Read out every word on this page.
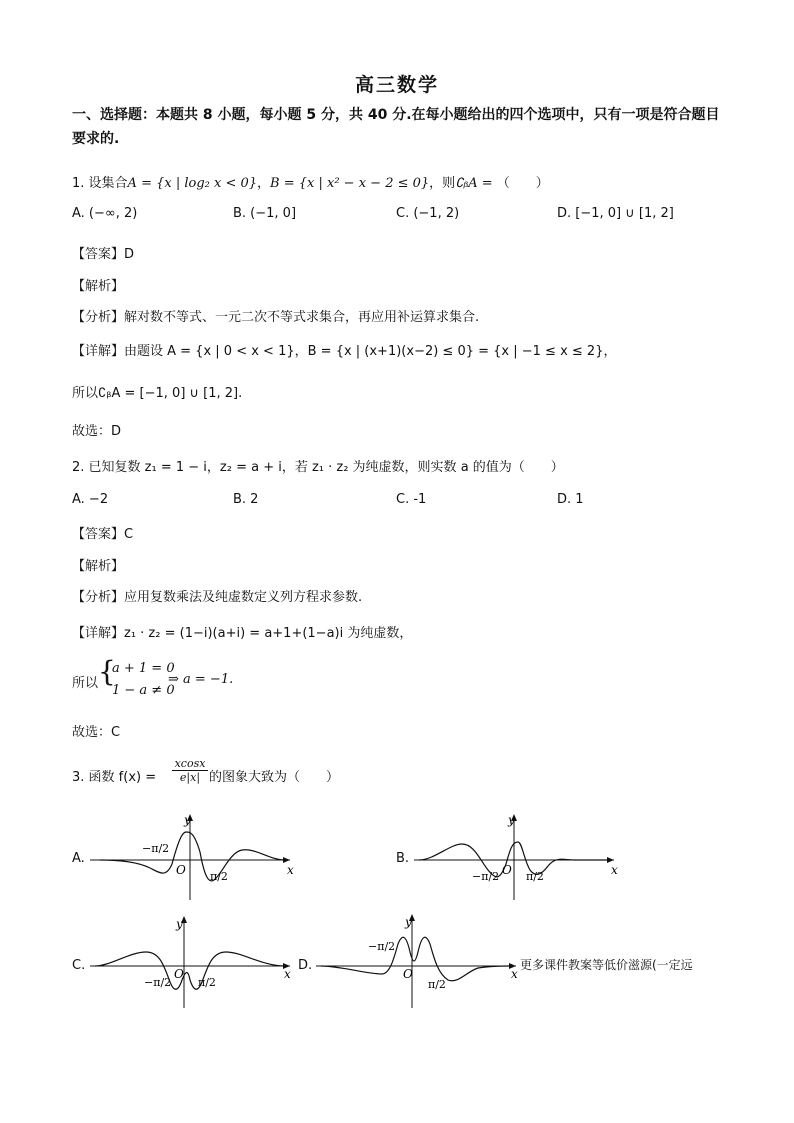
高三数学
一、选择题：本题共 8 小题，每小题 5 分，共 40 分.在每小题给出的四个选项中，只有一项是符合题目要求的.
1. 设集合A = {x | log₂ x < 0}，B = {x | x² − x − 2 ≤ 0}，则∁ᵦA = （　　）
A. (−∞, 2)	B. (−1, 0]	C. (−1, 2)	D. [−1, 0] ∪ [1, 2]
【答案】D
【解析】
【分析】解对数不等式、一元二次不等式求集合，再应用补运算求集合.
【详解】由题设 A = {x | 0 < x < 1}，B = {x | (x+1)(x−2) ≤ 0} = {x | −1 ≤ x ≤ 2}，
所以∁ᵦA = [−1, 0] ∪ [1, 2].
故选：D
2. 已知复数 z₁ = 1 − i，z₂ = a + i，若 z₁ · z₂ 为纯虚数，则实数 a 的值为（　　）
A. −2	B. 2	C. -1	D. 1
【答案】C
【解析】
【分析】应用复数乘法及纯虚数定义列方程求参数.
【详解】z₁ · z₂ = (1−i)(a+i) = a+1+(1−a)i 为纯虚数，
所以 {
a + 1 = 0
1 − a ≠ 0
⇒ a = −1.
故选：C
3. 函数 $f(x) = \frac{xcosx}{e|x|}$ 的图象大致为（　　）
A.
y
x
O
−π/2
π/2
B.
y
x
O
−π/2 π/2
C.
y
x
O
−π/2 π/2
D.
y
x
O
−π/2
π/2
更多课件教案等低价滋源(一定远
